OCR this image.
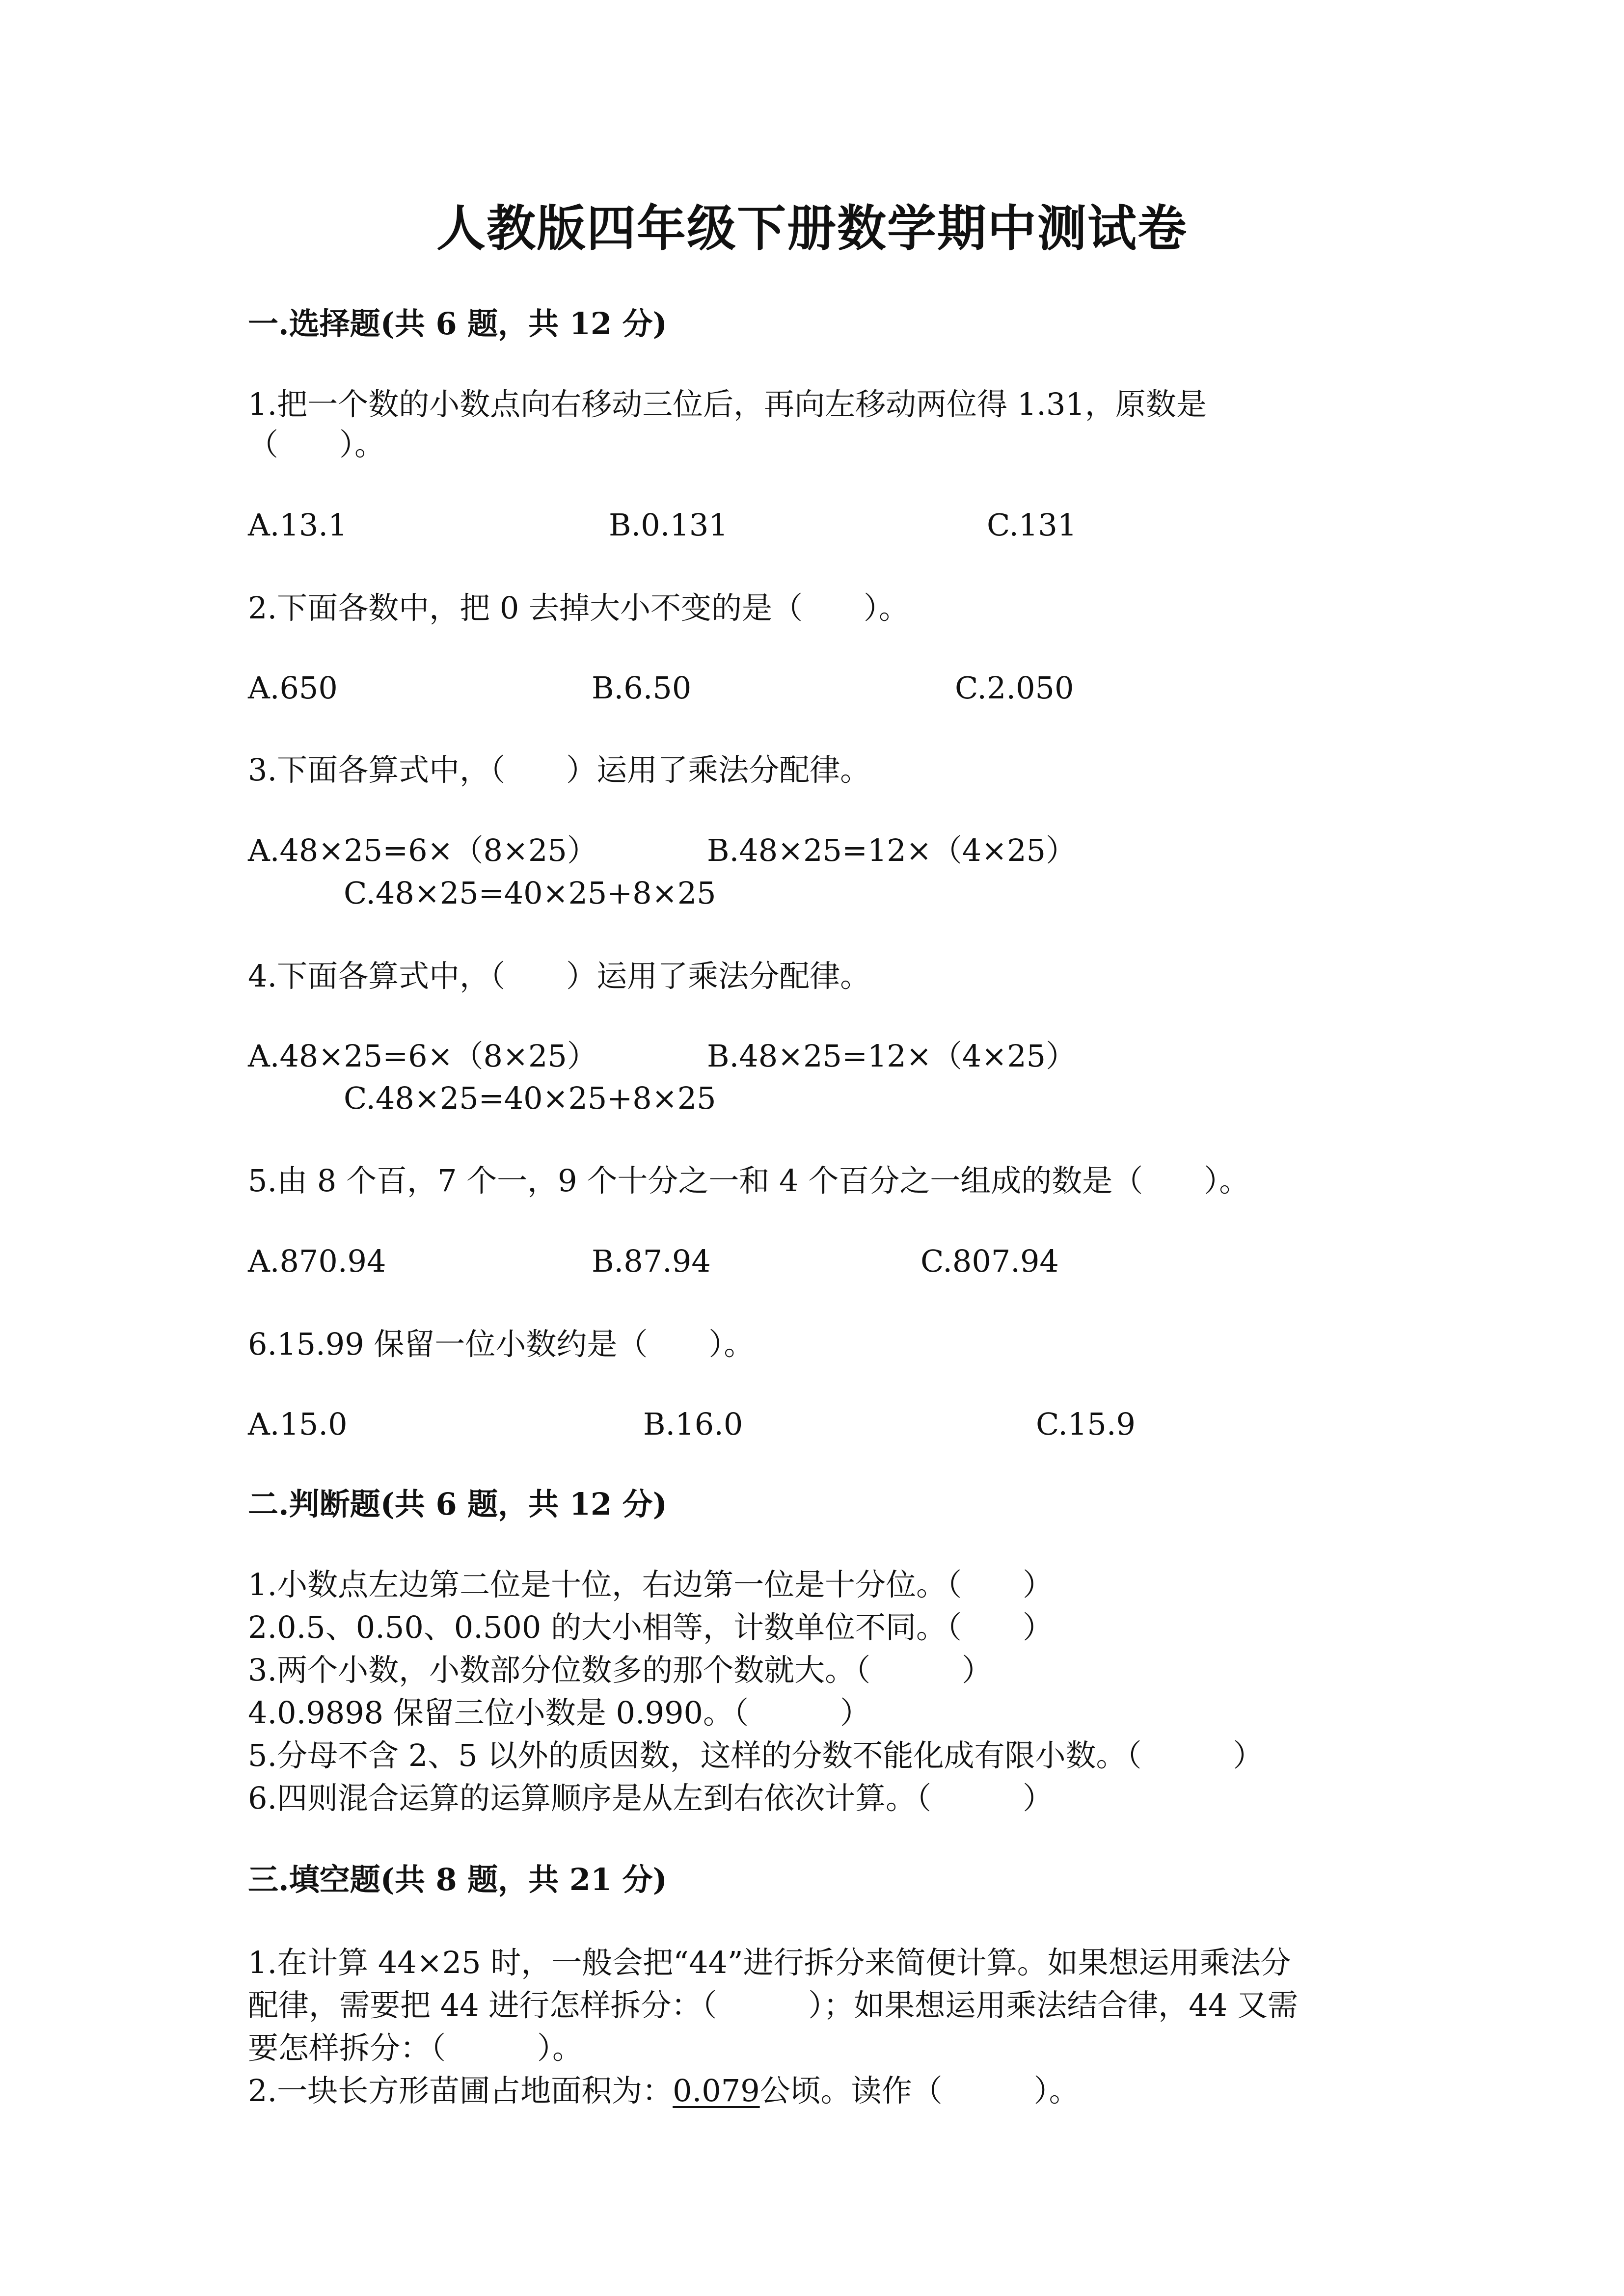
人教版四年级下册数学期中测试卷
一.选择题(共 6 题，共 12 分)
1.把一个数的小数点向右移动三位后，再向左移动两位得 1.31，原数是
（　　）。
A.13.1	B.0.131	C.131
2.下面各数中，把 0 去掉大小不变的是（　　）。
A.650	B.6.50	C.2.050
3.下面各算式中，（　　）运用了乘法分配律。
A.48×25=6×（8×25）	B.48×25=12×（4×25）
C.48×25=40×25+8×25
4.下面各算式中，（　　）运用了乘法分配律。
A.48×25=6×（8×25）	B.48×25=12×（4×25）
C.48×25=40×25+8×25
5.由 8 个百，7 个一，9 个十分之一和 4 个百分之一组成的数是（　　）。
A.870.94	B.87.94	C.807.94
6.15.99 保留一位小数约是（　　）。
A.15.0	B.16.0	C.15.9
二.判断题(共 6 题，共 12 分)
1.小数点左边第二位是十位，右边第一位是十分位。（　　）
2.0.5、0.50、0.500 的大小相等，计数单位不同。（　　）
3.两个小数，小数部分位数多的那个数就大。（　　　）
4.0.9898 保留三位小数是 0.990。（　　　）
5.分母不含 2、5 以外的质因数，这样的分数不能化成有限小数。（　　　）
6.四则混合运算的运算顺序是从左到右依次计算。（　　　）
三.填空题(共 8 题，共 21 分)
1.在计算 44×25 时，一般会把“44”进行拆分来简便计算。如果想运用乘法分
配律，需要把 44 进行怎样拆分：（　　　）；如果想运用乘法结合律，44 又需
要怎样拆分：（　　　）。
2.一块长方形苗圃占地面积为：0.079公顷。读作（　　　）。
